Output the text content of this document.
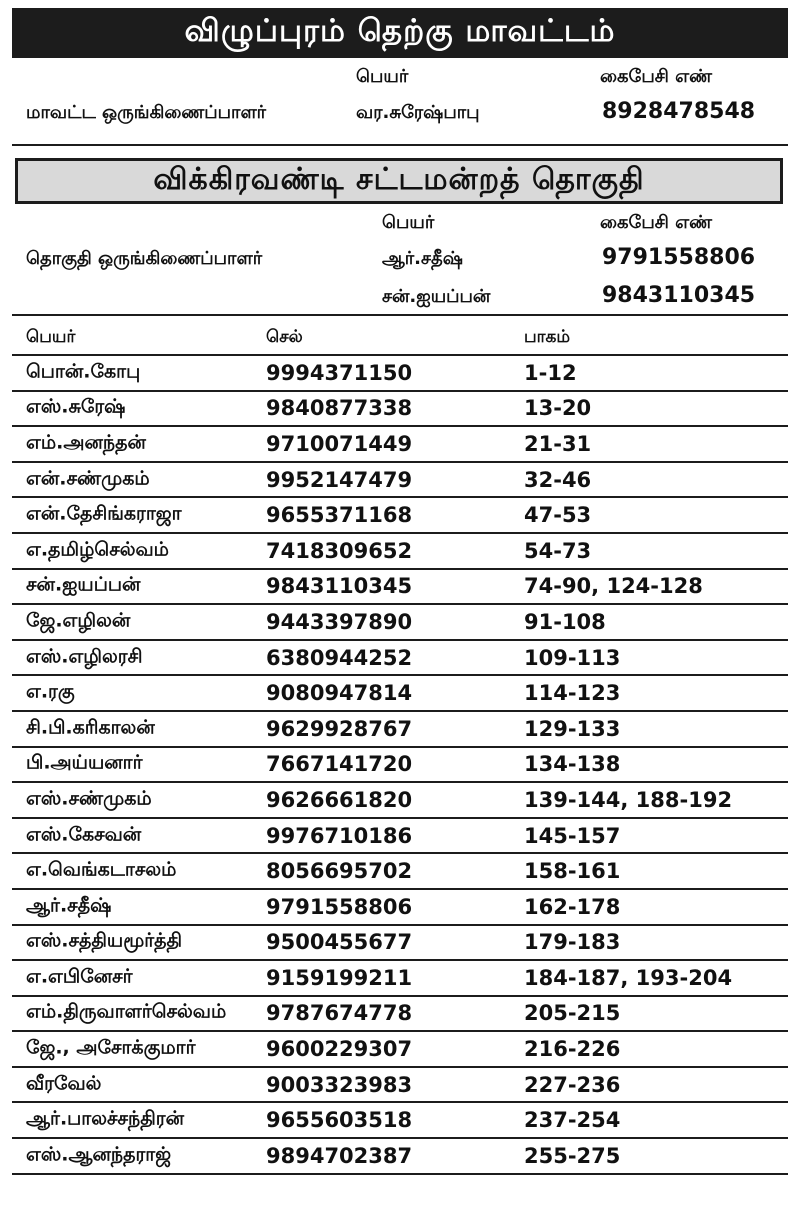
விழுப்புரம் தெற்கு மாவட்டம்
பெயர்	கைபேசி எண்
மாவட்ட ஒருங்கிணைப்பாளர்	வர.சுரேஷ்பாபு	8928478548
விக்கிரவண்டி சட்டமன்றத் தொகுதி
பெயர்	கைபேசி எண்
தொகுதி ஒருங்கிணைப்பாளர்	ஆர்.சதீஷ்	9791558806
சன்.ஐயப்பன்	9843110345
பெயர்	செல்	பாகம்
பொன்.கோபு	9994371150	1-12
எஸ்.சுரேஷ்	9840877338	13-20
எம்.அனந்தன்	9710071449	21-31
என்.சண்முகம்	9952147479	32-46
என்.தேசிங்கராஜா	9655371168	47-53
எ.தமிழ்செல்வம்	7418309652	54-73
சன்.ஐயப்பன்	9843110345	74-90, 124-128
ஜே.எழிலன்	9443397890	91-108
எஸ்.எழிலரசி	6380944252	109-113
எ.ரகு	9080947814	114-123
சி.பி.கரிகாலன்	9629928767	129-133
பி.அய்யனார்	7667141720	134-138
எஸ்.சண்முகம்	9626661820	139-144, 188-192
எஸ்.கேசவன்	9976710186	145-157
எ.வெங்கடாசலம்	8056695702	158-161
ஆர்.சதீஷ்	9791558806	162-178
எஸ்.சத்தியமூர்த்தி	9500455677	179-183
எ.எபினேசர்	9159199211	184-187, 193-204
எம்.திருவாளர்செல்வம் 9787674778	205-215
ஜே., அசோக்குமார்	9600229307	216-226
வீரவேல்	9003323983	227-236
ஆர்.பாலச்சந்திரன்	9655603518	237-254
எஸ்.ஆனந்தராஜ்	9894702387	255-275
